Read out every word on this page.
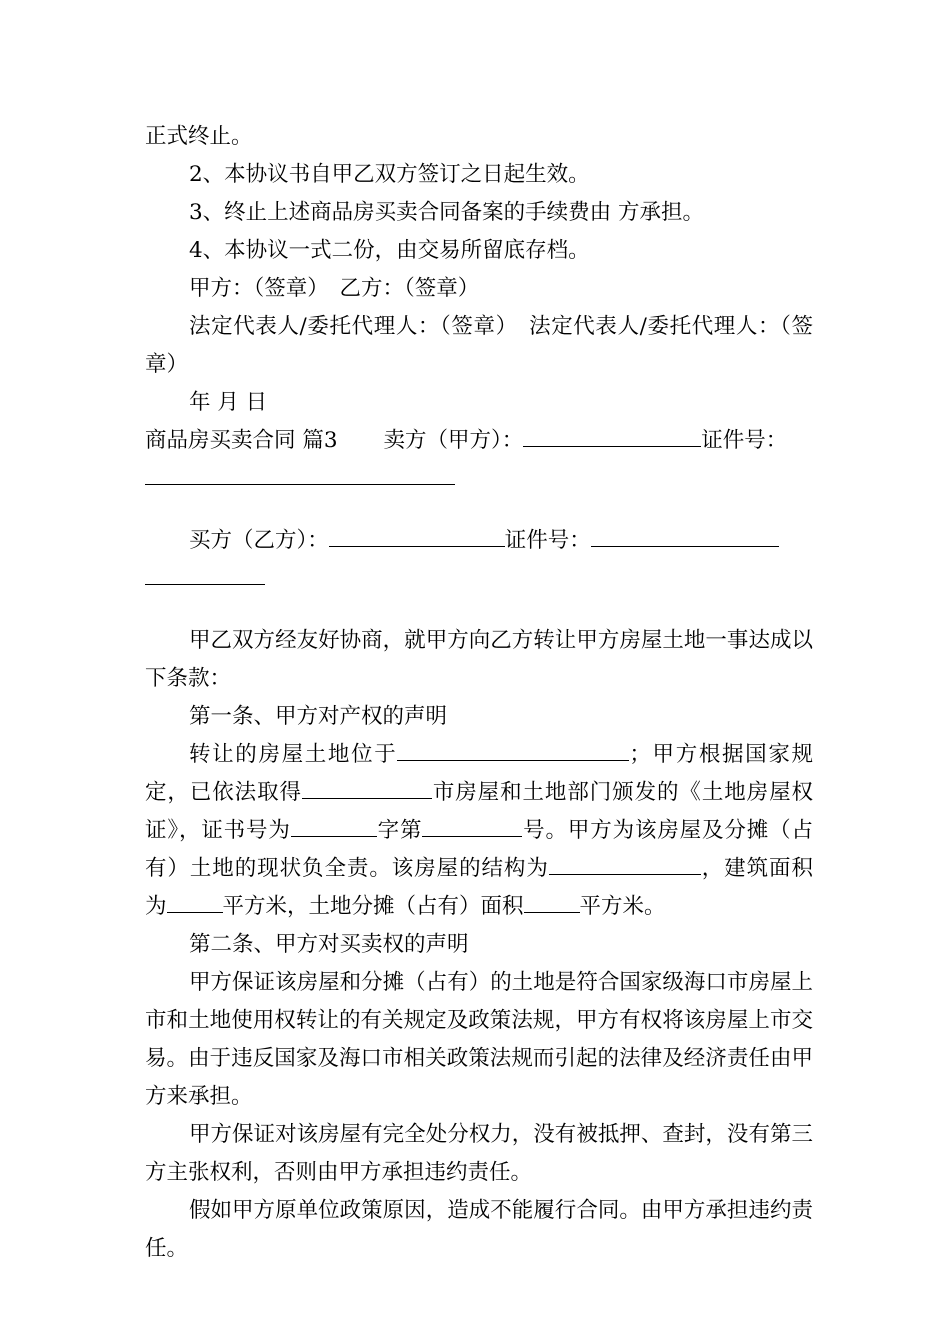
正式终止。

2、本协议书自甲乙双方签订之日起生效。

3、终止上述商品房买卖合同备案的手续费由 方承担。

4、本协议一式二份，由交易所留底存档。

甲方：（签章）　乙方：（签章）

法定代表人/委托代理人：（签章）　法定代表人/委托代理人：（签章）

年 月 日

商品房买卖合同 篇3 卖方（甲方）：	证件号：

买方（乙方）：	证件号：

甲乙双方经友好协商，就甲方向乙方转让甲方房屋土地一事达成以下条款：

第一条、甲方对产权的声明

转让的房屋土地位于	；甲方根据国家规定，已依法取得	市房屋和土地部门颁发的《土地房屋权证》，证书号为	字第	号。甲方为该房屋及分摊（占有）土地的现状负全责。该房屋的结构为	，建筑面积为	平方米，土地分摊（占有）面积	平方米。

第二条、甲方对买卖权的声明

甲方保证该房屋和分摊（占有）的土地是符合国家级海口市房屋上市和土地使用权转让的有关规定及政策法规，甲方有权将该房屋上市交易。由于违反国家及海口市相关政策法规而引起的法律及经济责任由甲方来承担。

甲方保证对该房屋有完全处分权力，没有被抵押、查封，没有第三方主张权利，否则由甲方承担违约责任。

假如甲方原单位政策原因，造成不能履行合同。由甲方承担违约责任。
